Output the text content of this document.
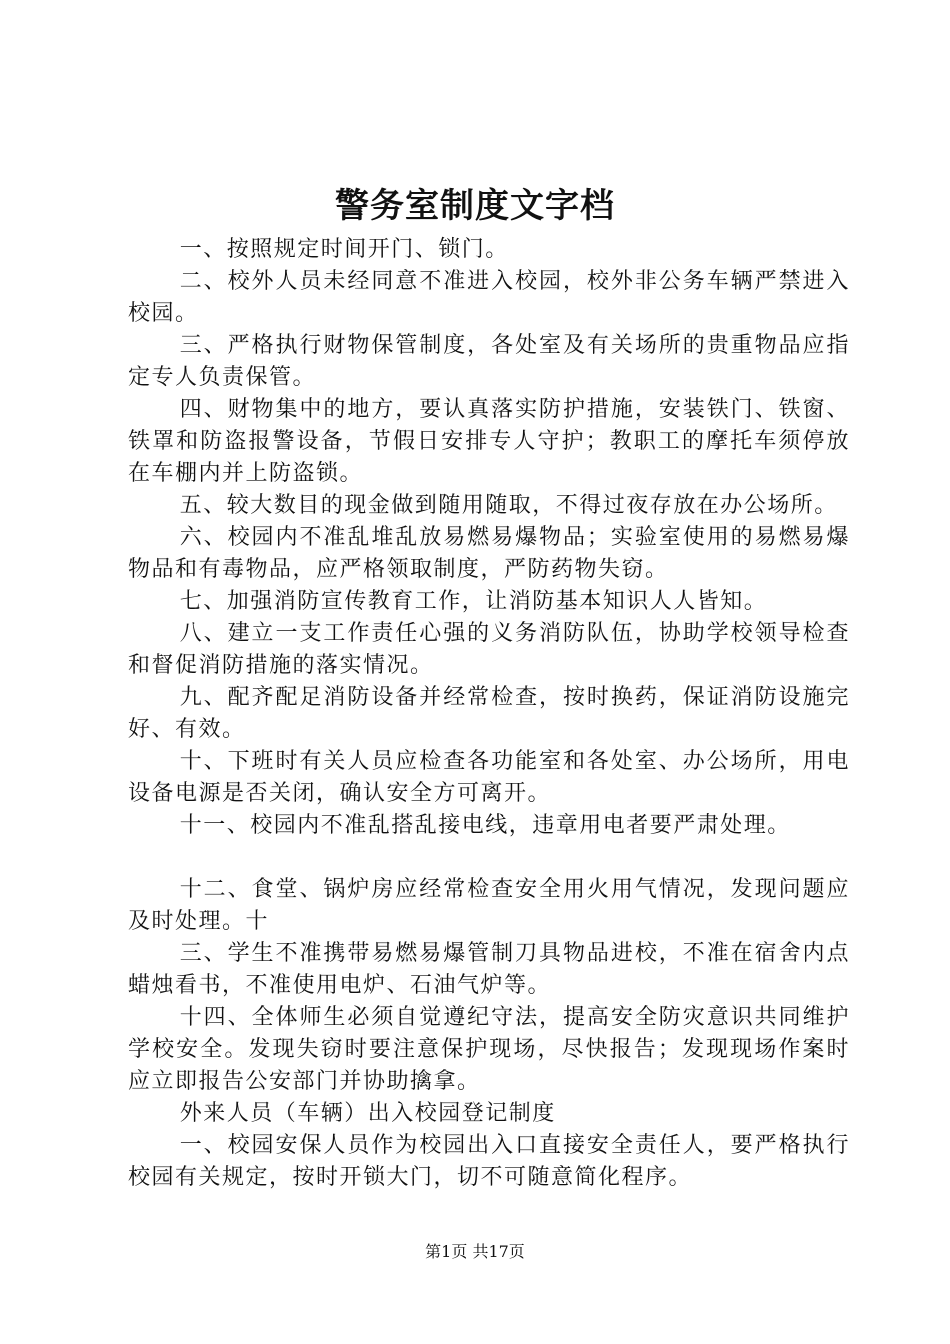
警务室制度文字档

一、按照规定时间开门、锁门。

二、校外人员未经同意不准进入校园，校外非公务车辆严禁进入校园。

三、严格执行财物保管制度，各处室及有关场所的贵重物品应指定专人负责保管。

四、财物集中的地方，要认真落实防护措施，安装铁门、铁窗、铁罩和防盗报警设备，节假日安排专人守护；教职工的摩托车须停放在车棚内并上防盗锁。

五、较大数目的现金做到随用随取，不得过夜存放在办公场所。

六、校园内不准乱堆乱放易燃易爆物品；实验室使用的易燃易爆物品和有毒物品，应严格领取制度，严防药物失窃。

七、加强消防宣传教育工作，让消防基本知识人人皆知。

八、建立一支工作责任心强的义务消防队伍，协助学校领导检查和督促消防措施的落实情况。

九、配齐配足消防设备并经常检查，按时换药，保证消防设施完好、有效。

十、下班时有关人员应检查各功能室和各处室、办公场所，用电设备电源是否关闭，确认安全方可离开。

十一、校园内不准乱搭乱接电线，违章用电者要严肃处理。

十二、食堂、锅炉房应经常检查安全用火用气情况，发现问题应及时处理。十

三、学生不准携带易燃易爆管制刀具物品进校，不准在宿舍内点蜡烛看书，不准使用电炉、石油气炉等。

十四、全体师生必须自觉遵纪守法，提高安全防灾意识共同维护学校安全。发现失窃时要注意保护现场，尽快报告；发现现场作案时应立即报告公安部门并协助擒拿。

外来人员（车辆）出入校园登记制度

一、校园安保人员作为校园出入口直接安全责任人，要严格执行校园有关规定，按时开锁大门，切不可随意简化程序。

第1页 共17页
